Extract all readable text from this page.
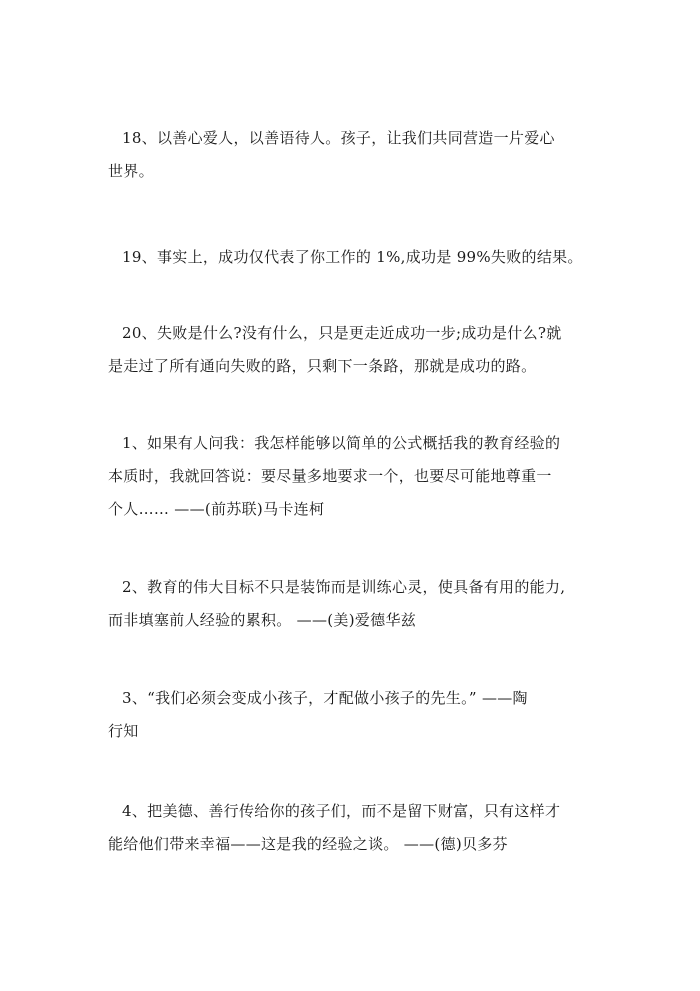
18、以善心爱人，以善语待人。孩子，让我们共同营造一片爱心
世界。

19、事实上，成功仅代表了你工作的 1%,成功是 99%失败的结果。

20、失败是什么?没有什么，只是更走近成功一步;成功是什么?就
是走过了所有通向失败的路，只剩下一条路，那就是成功的路。

1、如果有人问我：我怎样能够以简单的公式概括我的教育经验的
本质时，我就回答说：要尽量多地要求一个，也要尽可能地尊重一
个人…… ——(前苏联)马卡连柯

2、教育的伟大目标不只是装饰而是训练心灵，使具备有用的能力,
而非填塞前人经验的累积。 ——(美)爱德华兹

3、“我们必须会变成小孩子，才配做小孩子的先生。” ——陶
行知

4、把美德、善行传给你的孩子们，而不是留下财富，只有这样才
能给他们带来幸福——这是我的经验之谈。 ——(德)贝多芬
